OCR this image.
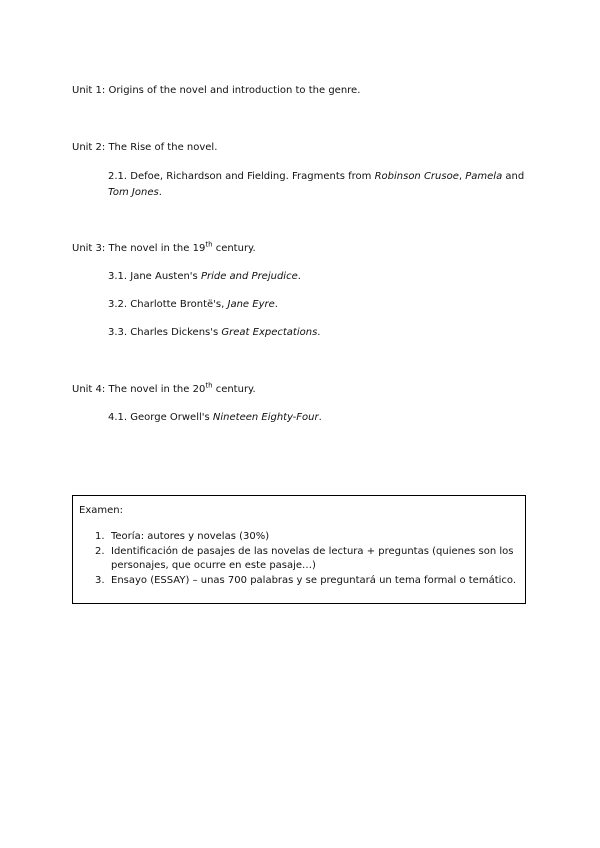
Unit 1: Origins of the novel and introduction to the genre.
Unit 2: The Rise of the novel.
2.1. Defoe, Richardson and Fielding. Fragments from Robinson Crusoe, Pamela and Tom Jones.
Unit 3: The novel in the 19th century.
3.1. Jane Austen's Pride and Prejudice.
3.2. Charlotte Brontë's, Jane Eyre.
3.3. Charles Dickens's Great Expectations.
Unit 4: The novel in the 20th century.
4.1. George Orwell's Nineteen Eighty-Four.
Examen:
1. Teoría: autores y novelas (30%)
2. Identificación de pasajes de las novelas de lectura + preguntas (quienes son los personajes, que ocurre en este pasaje…)
3. Ensayo (ESSAY) – unas 700 palabras y se preguntará un tema formal o temático.
